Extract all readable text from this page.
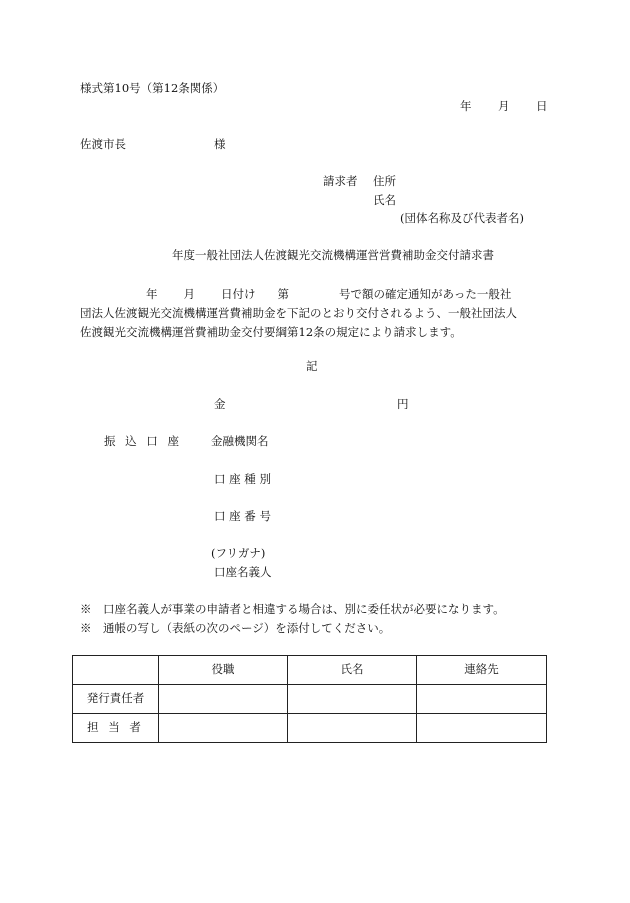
様式第10号（第12条関係）
年 月 日
佐渡市長	様
請求者 住所
氏名
(団体名称及び代表者名)
年度一般社団法人佐渡観光交流機構運営営費補助金交付請求書
年 月 日付け 第	号で額の確定通知があった一般社
団法人佐渡観光交流機構運営費補助金を下記のとおり交付されるよう、一般社団法人
佐渡観光交流機構運営費補助金交付要綱第12条の規定により請求します。
記
金	円
振 込 口 座	金融機関名
口 座 種 別
口 座 番 号
(フリガナ)
口座名義人
※　口座名義人が事業の申請者と相違する場合は、別に委任状が必要になります。
※　通帳の写し（表紙の次のページ）を添付してください。
	役職	氏名	連絡先
発行責任者			
担 当 者			
